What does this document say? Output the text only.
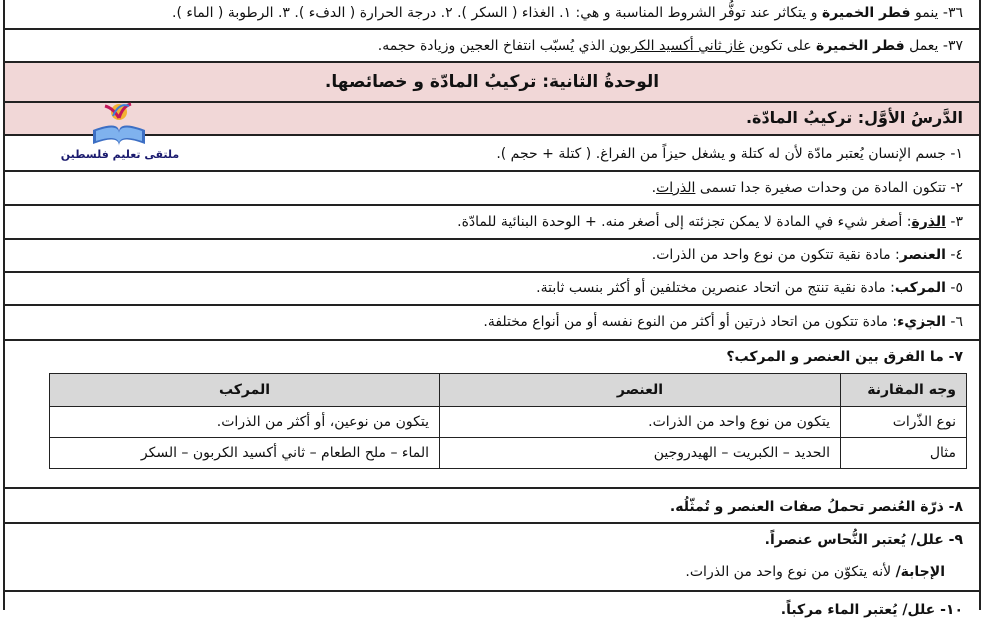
٣٦- ينمو فطر الخميرة و يتكاثر عند توفُّر الشروط المناسبة و هي: ١. الغذاء ( السكر ). ٢. درجة الحرارة ( الدفء ). ٣. الرطوبة ( الماء ).
٣٧- يعمل فطر الخميرة على تكوين غاز ثاني أكسيد الكربون الذي يُسبّب انتفاخ العجين وزيادة حجمه.
الوحدةُ الثانية: تركيبُ المادّة و خصائصها.
الدَّرسُ الأوَّل: تركيبُ المادّة.
ملتقى تعليم فلسطين	١- جسم الإنسان يُعتبر مادّة لأن له كتلة و يشغل حيزاً من الفراغ. ( كتلة + حجم ).
٢- تتكون المادة من وحدات صغيرة جدا تسمى الذرات.
٣- الذرة: أصغر شيء في المادة لا يمكن تجزئته إلى أصغر منه. + الوحدة البنائية للمادّة.
٤- العنصر: مادة نقية تتكون من نوع واحد من الذرات.
٥- المركب: مادة نقية تنتج من اتحاد عنصرين مختلفين أو أكثر بنسب ثابتة.
٦- الجزيء: مادة تتكون من اتحاد ذرتين أو أكثر من النوع نفسه أو من أنواع مختلفة.
٧- ما الفرق بين العنصر و المركب؟
وجه المقارنة	العنصر	المركب
نوع الذّرات	يتكون من نوع واحد من الذرات.	يتكون من نوعين، أو أكثر من الذرات.
مثال	الحديد – الكبريت – الهيدروجين	الماء – ملح الطعام – ثاني أكسيد الكربون – السكر
٨- ذرّة العُنصر تحملُ صفات العنصر و تُمثّلُه.
٩- علل/ يُعتبر النُّحاس عنصراً.
الإجابة/ لأنه يتكوّن من نوع واحد من الذرات.
١٠- علل/ يُعتبر الماء مركباً.
